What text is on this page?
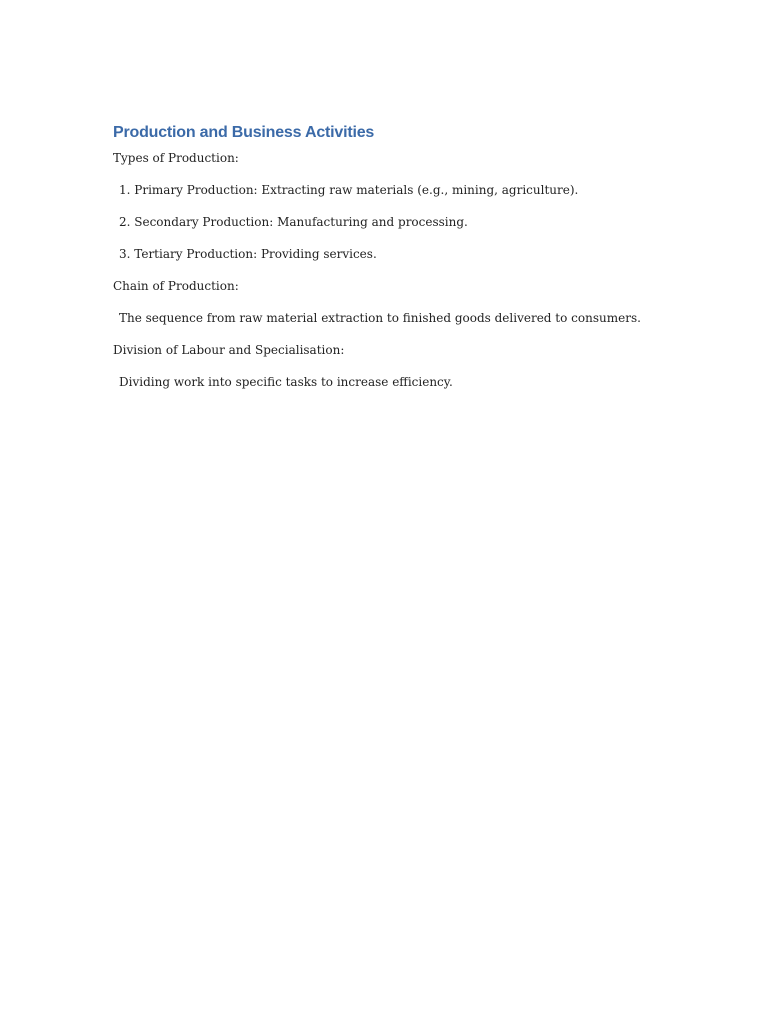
Production and Business Activities
Types of Production:
1. Primary Production: Extracting raw materials (e.g., mining, agriculture).
2. Secondary Production: Manufacturing and processing.
3. Tertiary Production: Providing services.
Chain of Production:
The sequence from raw material extraction to finished goods delivered to consumers.
Division of Labour and Specialisation:
Dividing work into specific tasks to increase efficiency.
